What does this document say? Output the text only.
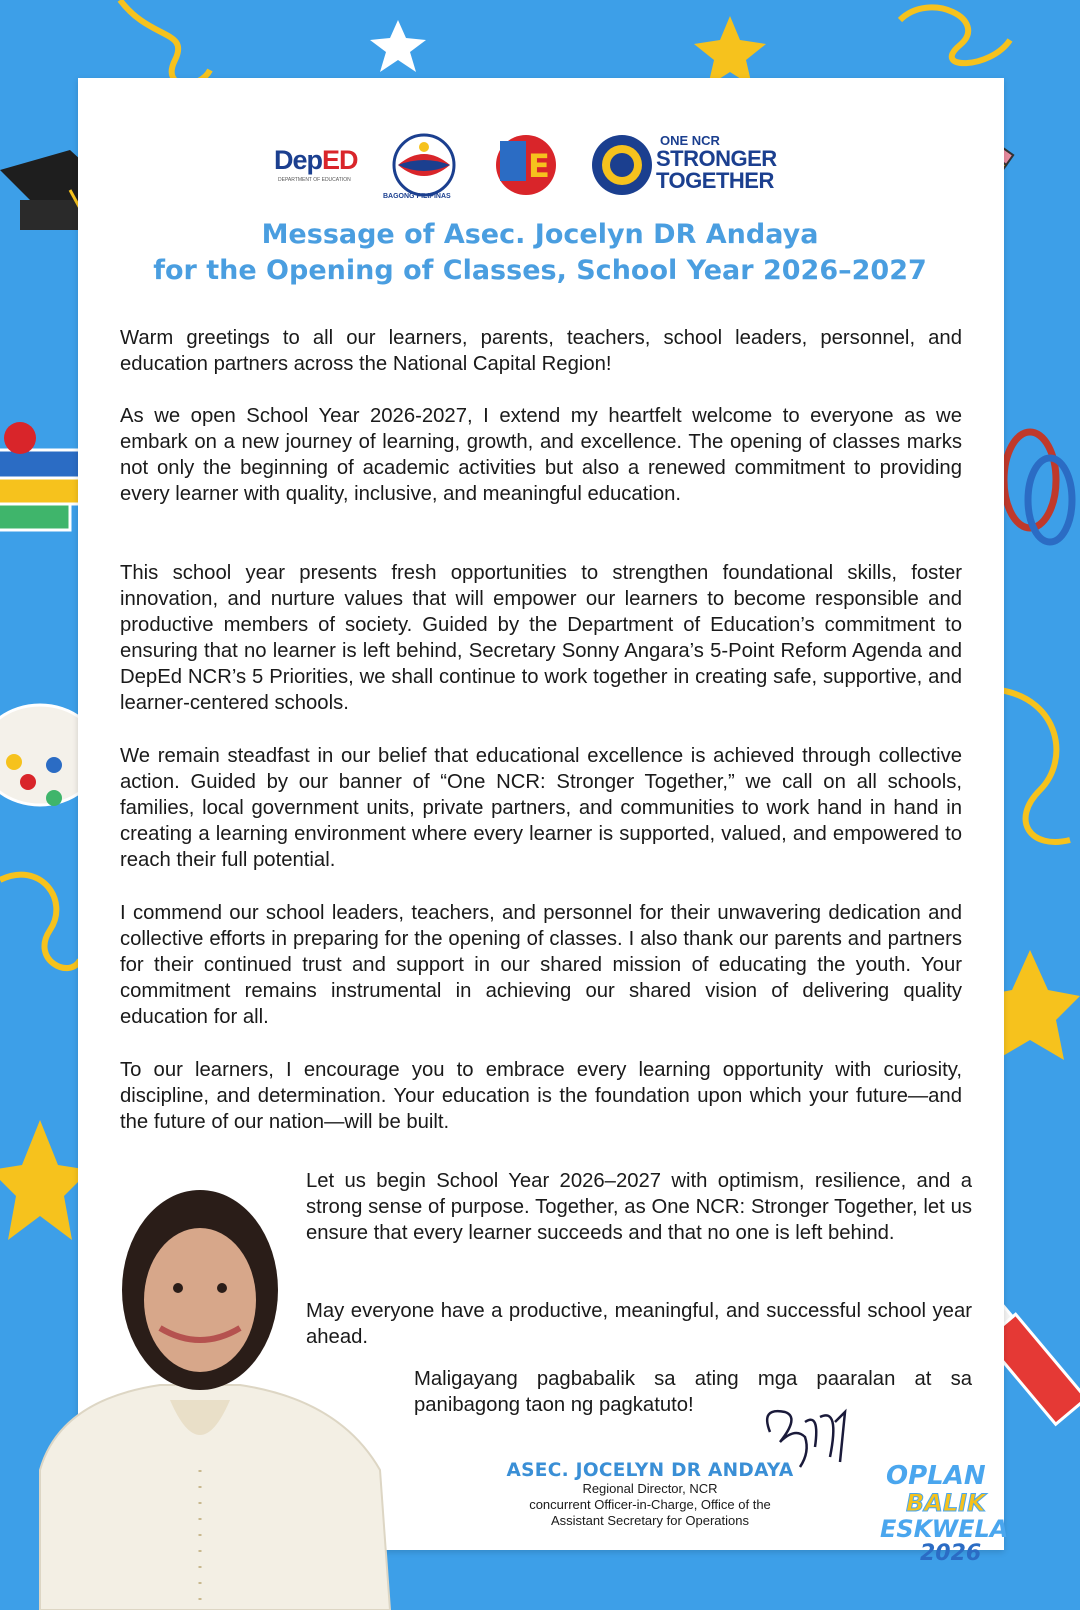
DepED
DEPARTMENT OF EDUCATION
BAGONG PILIPINAS
E
ONE NCR
STRONGER
TOGETHER
Message of Asec. Jocelyn DR Andaya
for the Opening of Classes, School Year 2026–2027

Warm greetings to all our learners, parents, teachers, school leaders, personnel, and education partners across the National Capital Region!

As we open School Year 2026-2027, I extend my heartfelt welcome to everyone as we embark on a new journey of learning, growth, and excellence. The opening of classes marks not only the beginning of academic activities but also a renewed commitment to providing every learner with quality, inclusive, and meaningful education.

This school year presents fresh opportunities to strengthen foundational skills, foster innovation, and nurture values that will empower our learners to become responsible and productive members of society. Guided by the Department of Education’s commitment to ensuring that no learner is left behind, Secretary Sonny Angara’s 5-Point Reform Agenda and DepEd NCR’s 5 Priorities, we shall continue to work together in creating safe, supportive, and learner-centered schools.

We remain steadfast in our belief that educational excellence is achieved through collective action. Guided by our banner of “One NCR: Stronger Together,” we call on all schools, families, local government units, private partners, and communities to work hand in hand in creating a learning environment where every learner is supported, valued, and empowered to reach their full potential.

I commend our school leaders, teachers, and personnel for their unwavering dedication and collective efforts in preparing for the opening of classes. I also thank our parents and partners for their continued trust and support in our shared mission of educating the youth. Your commitment remains instrumental in achieving our shared vision of delivering quality education for all.

To our learners, I encourage you to embrace every learning opportunity with curiosity, discipline, and determination. Your education is the foundation upon which your future—and the future of our nation—will be built.

Let us begin School Year 2026–2027 with optimism, resilience, and a strong sense of purpose. Together, as One NCR: Stronger Together, let us ensure that every learner succeeds and that no one is left behind.

May everyone have a productive, meaningful, and successful school year ahead.

Maligayang pagbabalik sa ating mga paaralan at sa panibagong taon ng pagkatuto!

ASEC. JOCELYN DR ANDAYA
Regional Director, NCR
concurrent Officer-in-Charge, Office of the
Assistant Secretary for Operations
OPLAN
BALIK
ESKWELA
2026
